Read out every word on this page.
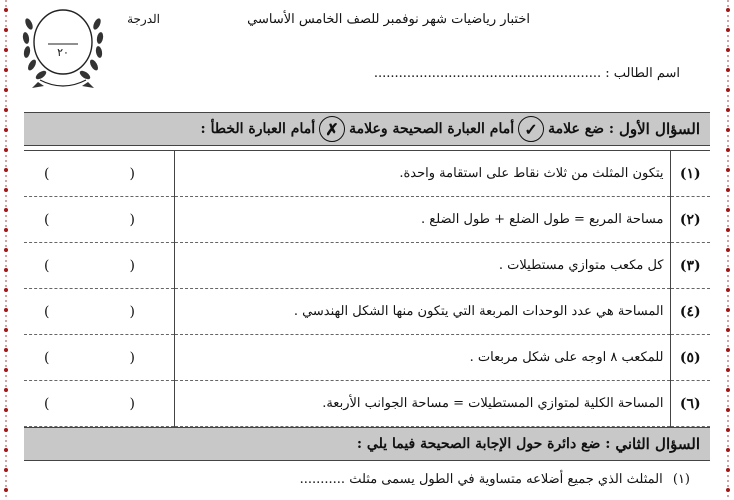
اختبار رياضيات شهر نوفمبر للصف الخامس الأساسي
الدرجة
٢٠
اسم الطالب : .......................................................
السؤال الأول

: ضع علامة
✓
أمام العبارة الصحيحة وعلامة
✗
أمام العبارة الخطأ :
(١)	يتكون المثلث من ثلاث نقاط على استقامة واحدة.	( )
(٢)	مساحة المربع = طول الضلع + طول الضلع .	( )
(٣)	كل مكعب متوازي مستطيلات .	( )
(٤)	المساحة هي عدد الوحدات المربعة التي يتكون منها الشكل الهندسي .	( )
(٥)	للمكعب ٨ اوجه على شكل مربعات .	( )
(٦)	المساحة الكلية لمتوازي المستطيلات = مساحة الجوانب الأربعة.	( )
السؤال الثاني

: ضع دائرة حول الإجابة الصحيحة فيما يلي :
(١) المثلث الذي جميع أضلاعه متساوية في الطول يسمى مثلث ...........
